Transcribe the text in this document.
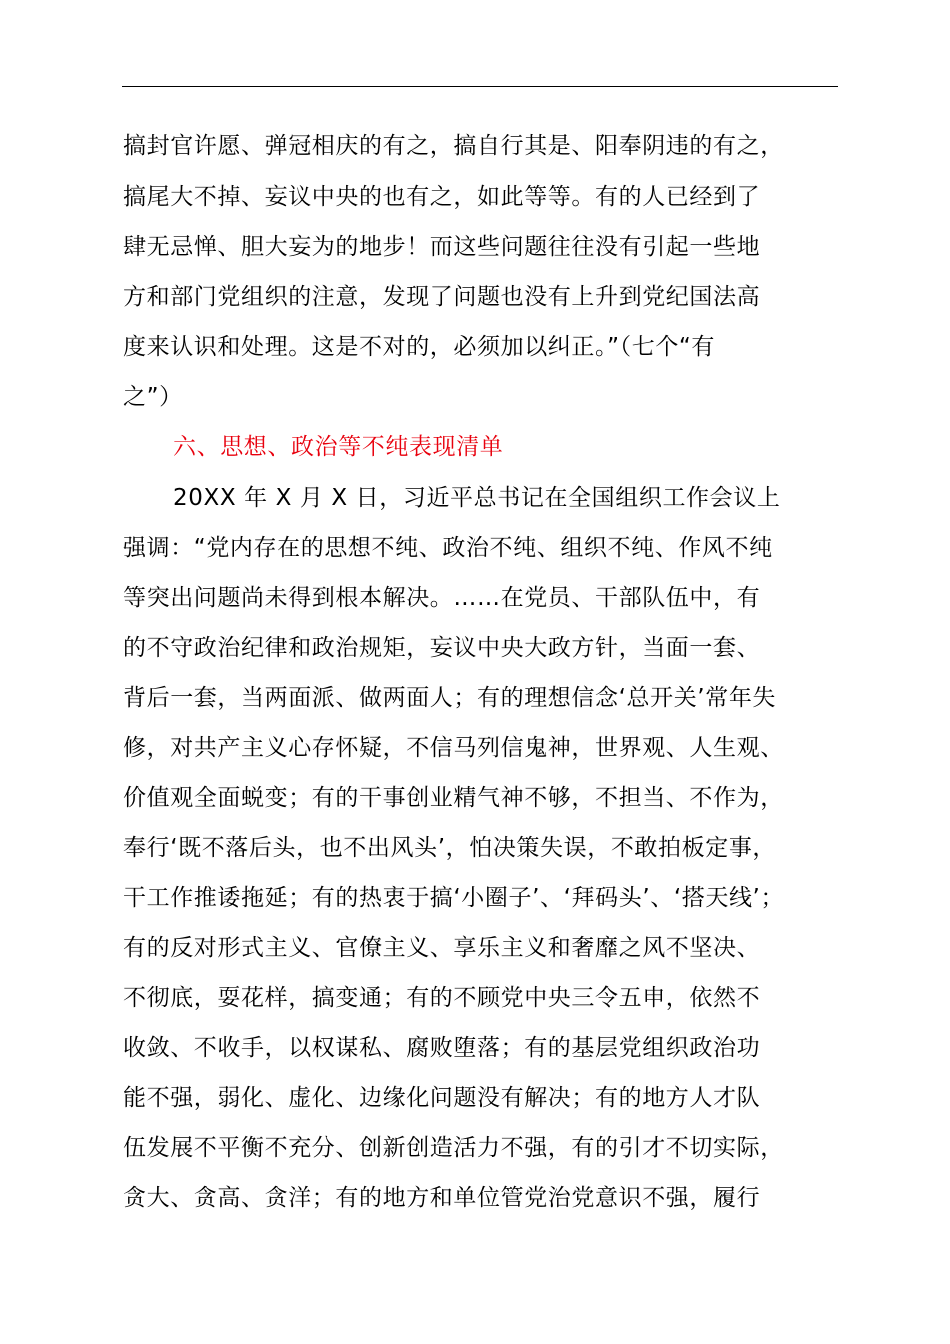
搞封官许愿、弹冠相庆的有之，搞自行其是、阳奉阴违的有之，
搞尾大不掉、妄议中央的也有之，如此等等。有的人已经到了
肆无忌惮、胆大妄为的地步！而这些问题往往没有引起一些地
方和部门党组织的注意，发现了问题也没有上升到党纪国法高
度来认识和处理。这是不对的，必须加以纠正。”（七个“有
之”）
六、思想、政治等不纯表现清单
20XX 年 X 月 X 日，习近平总书记在全国组织工作会议上
强调：“党内存在的思想不纯、政治不纯、组织不纯、作风不纯
等突出问题尚未得到根本解决。……在党员、干部队伍中，有
的不守政治纪律和政治规矩，妄议中央大政方针，当面一套、
背后一套，当两面派、做两面人；有的理想信念‘总开关’常年失
修，对共产主义心存怀疑，不信马列信鬼神，世界观、人生观、
价值观全面蜕变；有的干事创业精气神不够，不担当、不作为，
奉行‘既不落后头，也不出风头’，怕决策失误，不敢拍板定事，
干工作推诿拖延；有的热衷于搞‘小圈子’、‘拜码头’、‘搭天线’；
有的反对形式主义、官僚主义、享乐主义和奢靡之风不坚决、
不彻底，耍花样，搞变通；有的不顾党中央三令五申，依然不
收敛、不收手，以权谋私、腐败堕落；有的基层党组织政治功
能不强，弱化、虚化、边缘化问题没有解决；有的地方人才队
伍发展不平衡不充分、创新创造活力不强，有的引才不切实际，
贪大、贪高、贪洋；有的地方和单位管党治党意识不强，履行
